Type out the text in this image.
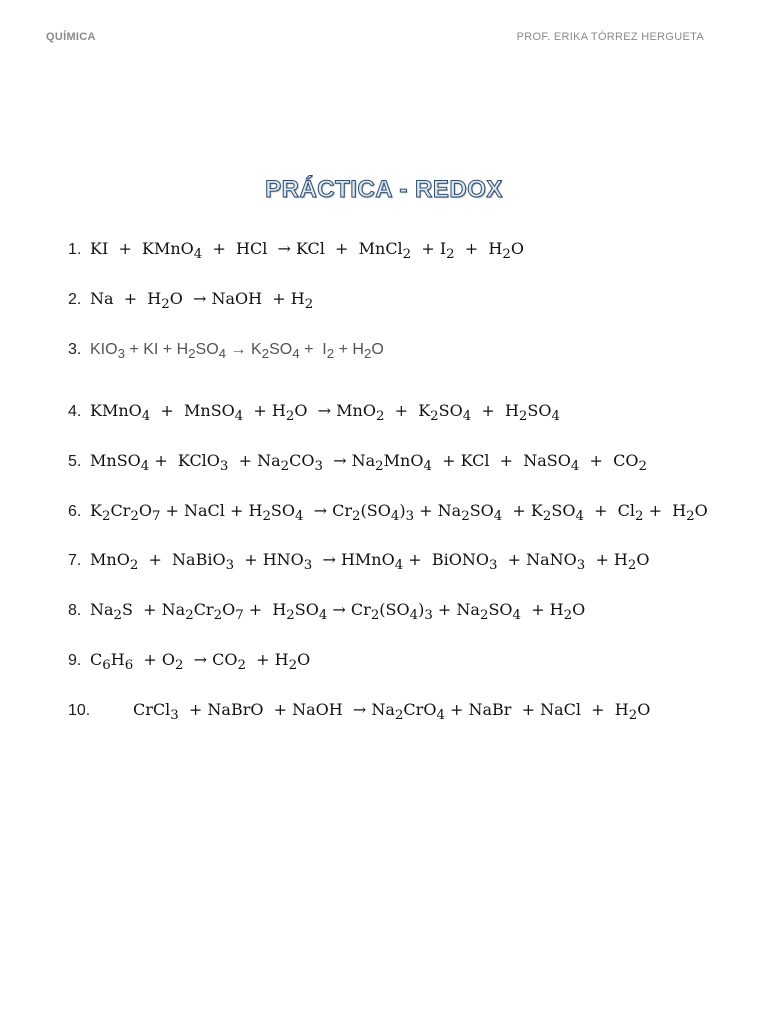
QUÍMICA	PROF. ERIKA TÓRREZ HERGUETA
PRÁCTICA - REDOX
1. KI  +  KMnO$_4$  +  HCl  → KCl  +  MnCl$_2$  + $I_2 + H_2O$
2. $Na + H_2O$  → NaOH  + $H_2$
3. $KIO_3$ + KI + $H_2SO_4 \to K_2SO_4 + I_2 + H_2O$
4. KMnO$_4$  +  MnSO$_4$  + $H_2O \to MnO_2 + K_2SO_4 + H_2SO_4$
5. MnSO$_4$ +  KClO$_3$  + $Na_2CO_3 \to Na_2MnO_4$  + KCl  +  NaSO$_4$  +  $CO_2$
6. $K_2Cr_2O_7$ + NaCl + $H_2SO_4 \to Cr_2(SO_4)_3 + Na_2SO_4 + K_2SO_4 + Cl_2 + H_2O$
7. MnO$_2$  +  NaBiO$_3$  + $HNO_3$  → HMnO$_4$ +  BiONO$_3$  + NaNO$_3$  + $H_2O$
8. $Na_2S + Na_2Cr_2O_7 + H_2SO_4 \to Cr_2(SO_4)_3 + Na_2SO_4 + H_2O$
9. $C_6H_6 + O_2 \to CO_2 + H_2O$
10.	CrCl$_3$  + NaBrO  + NaOH  → $Na_2CrO_4$ + NaBr  + NaCl  +  $H_2O$
